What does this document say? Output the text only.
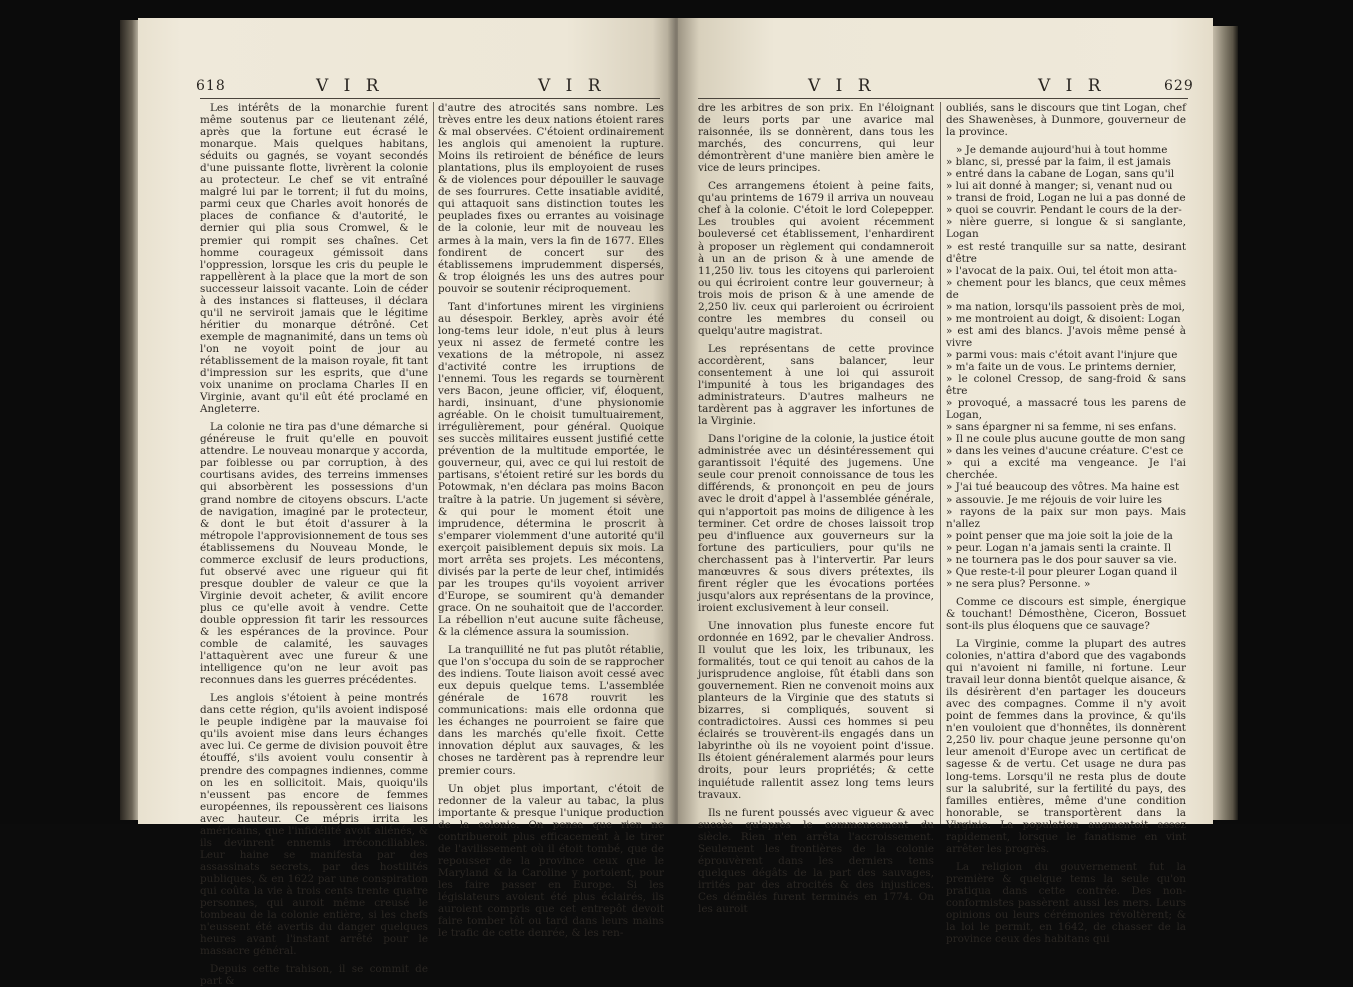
618	V I R	V I R

Les intérêts de la monarchie furent même soutenus par ce lieutenant zélé, après que la fortune eut écrasé le monarque. Mais quelques habitans, séduits ou gagnés, se voyant secondés d'une puissante flotte, livrèrent la colonie au protecteur. Le chef se vit entraîné malgré lui par le torrent; il fut du moins, parmi ceux que Charles avoit honorés de places de confiance & d'autorité, le dernier qui plia sous Cromwel, & le premier qui rompit ses chaînes. Cet homme courageux gémissoit dans l'oppression, lorsque les cris du peuple le rappellèrent à la place que la mort de son successeur laissoit vacante. Loin de céder à des instances si flatteuses, il déclara qu'il ne serviroit jamais que le légitime héritier du monarque détrôné. Cet exemple de magnanimité, dans un tems où l'on ne voyoit point de jour au rétablissement de la maison royale, fit tant d'impression sur les esprits, que d'une voix unanime on proclama Charles II en Virginie, avant qu'il eût été proclamé en Angleterre.

La colonie ne tira pas d'une démarche si généreuse le fruit qu'elle en pouvoit attendre. Le nouveau monarque y accorda, par foiblesse ou par corruption, à des courtisans avides, des terreins immenses qui absorbèrent les possessions d'un grand nombre de citoyens obscurs. L'acte de navigation, imaginé par le protecteur, & dont le but étoit d'assurer à la métropole l'approvisionnement de tous ses établissemens du Nouveau Monde, le commerce exclusif de leurs productions, fut observé avec une rigueur qui fit presque doubler de valeur ce que la Virginie devoit acheter, & avilit encore plus ce qu'elle avoit à vendre. Cette double oppression fit tarir les ressources & les espérances de la province. Pour comble de calamité, les sauvages l'attaquèrent avec une fureur & une intelligence qu'on ne leur avoit pas reconnues dans les guerres précédentes.

Les anglois s'étoient à peine montrés dans cette région, qu'ils avoient indisposé le peuple indigène par la mauvaise foi qu'ils avoient mise dans leurs échanges avec lui. Ce germe de division pouvoit être étouffé, s'ils avoient voulu consentir à prendre des compagnes indiennes, comme on les en sollicitoit. Mais, quoiqu'ils n'eussent pas encore de femmes européennes, ils repoussèrent ces liaisons avec hauteur. Ce mépris irrita les américains, que l'infidélité avoit aliénés, & ils devinrent ennemis irréconciliables. Leur haine se manifesta par des assassinats secrets, par des hostilités publiques, & en 1622 par une conspiration qui coûta la vie à trois cents trente quatre personnes, qui auroit même creusé le tombeau de la colonie entière, si les chefs n'eussent été avertis du danger quelques heures avant l'instant arrêté pour le massacre général.

Depuis cette trahison, il se commit de part &

d'autre des atrocités sans nombre. Les trèves entre les deux nations étoient rares & mal observées. C'étoient ordinairement les anglois qui amenoient la rupture. Moins ils retiroient de bénéfice de leurs plantations, plus ils employoient de ruses & de violences pour dépouiller le sauvage de ses fourrures. Cette insatiable avidité, qui attaquoit sans distinction toutes les peuplades fixes ou errantes au voisinage de la colonie, leur mit de nouveau les armes à la main, vers la fin de 1677. Elles fondirent de concert sur des établissemens imprudemment dispersés, & trop éloignés les uns des autres pour pouvoir se soutenir réciproquement.

Tant d'infortunes mirent les virginiens au désespoir. Berkley, après avoir été long-tems leur idole, n'eut plus à leurs yeux ni assez de fermeté contre les vexations de la métropole, ni assez d'activité contre les irruptions de l'ennemi. Tous les regards se tournèrent vers Bacon, jeune officier, vif, éloquent, hardi, insinuant, d'une physionomie agréable. On le choisit tumultuairement, irrégulièrement, pour général. Quoique ses succès militaires eussent justifié cette prévention de la multitude emportée, le gouverneur, qui, avec ce qui lui restoit de partisans, s'étoient retiré sur les bords du Potowmak, n'en déclara pas moins Bacon traître à la patrie. Un jugement si sévère, & qui pour le moment étoit une imprudence, détermina le proscrit à s'emparer violemment d'une autorité qu'il exerçoit paisiblement depuis six mois. La mort arrêta ses projets. Les mécontens, divisés par la perte de leur chef, intimidés par les troupes qu'ils voyoient arriver d'Europe, se soumirent qu'à demander grace. On ne souhaitoit que de l'accorder. La rébellion n'eut aucune suite fâcheuse, & la clémence assura la soumission.

La tranquillité ne fut pas plutôt rétablie, que l'on s'occupa du soin de se rapprocher des indiens. Toute liaison avoit cessé avec eux depuis quelque tems. L'assemblée générale de 1678 rouvrit les communications: mais elle ordonna que les échanges ne pourroient se faire que dans les marchés qu'elle fixoit. Cette innovation déplut aux sauvages, & les choses ne tardèrent pas à reprendre leur premier cours.

Un objet plus important, c'étoit de redonner de la valeur au tabac, la plus importante & presque l'unique production de la colonie. On pensa que rien ne contribueroit plus efficacement à le tirer de l'avilissement où il étoit tombé, que de repousser de la province ceux que le Maryland & la Caroline y portoient, pour les faire passer en Europe. Si les législateurs avoient été plus éclairés, ils auroient compris que cet entrepôt devoit faire tomber tôt ou tard dans leurs mains le trafic de cette denrée, & les ren-

V I R	V I R	629

dre les arbitres de son prix. En l'éloignant de leurs ports par une avarice mal raisonnée, ils se donnèrent, dans tous les marchés, des concurrens, qui leur démontrèrent d'une manière bien amère le vice de leurs principes.

Ces arrangemens étoient à peine faits, qu'au printems de 1679 il arriva un nouveau chef à la colonie. C'étoit le lord Colepepper. Les troubles qui avoient récemment bouleversé cet établissement, l'enhardirent à proposer un règlement qui condamneroit à un an de prison & à une amende de 11,250 liv. tous les citoyens qui parleroient ou qui écriroient contre leur gouverneur; à trois mois de prison & à une amende de 2,250 liv. ceux qui parleroient ou écriroient contre les membres du conseil ou quelqu'autre magistrat.

Les représentans de cette province accordèrent, sans balancer, leur consentement à une loi qui assuroit l'impunité à tous les brigandages des administrateurs. D'autres malheurs ne tardèrent pas à aggraver les infortunes de la Virginie.

Dans l'origine de la colonie, la justice étoit administrée avec un désintéressement qui garantissoit l'équité des jugemens. Une seule cour prenoit connoissance de tous les différends, & prononçoit en peu de jours avec le droit d'appel à l'assemblée générale, qui n'apportoit pas moins de diligence à les terminer. Cet ordre de choses laissoit trop peu d'influence aux gouverneurs sur la fortune des particuliers, pour qu'ils ne cherchassent pas à l'intervertir. Par leurs manœuvres & sous divers prétextes, ils firent régler que les évocations portées jusqu'alors aux représentans de la province, iroient exclusivement à leur conseil.

Une innovation plus funeste encore fut ordonnée en 1692, par le chevalier Andross. Il voulut que les loix, les tribunaux, les formalités, tout ce qui tenoit au cahos de la jurisprudence angloise, fût établi dans son gouvernement. Rien ne convenoit moins aux planteurs de la Virginie que des statuts si bizarres, si compliqués, souvent si contradictoires. Aussi ces hommes si peu éclairés se trouvèrent-ils engagés dans un labyrinthe où ils ne voyoient point d'issue. Ils étoient généralement alarmés pour leurs droits, pour leurs propriétés; & cette inquiétude rallentit assez long tems leurs travaux.

Ils ne furent poussés avec vigueur & avec succès qu'après le commencement du siècle. Rien n'en arrêta l'accroissement. Seulement les frontières de la colonie éprouvèrent dans les derniers tems quelques dégâts de la part des sauvages, irrités par des atrocités & des injustices. Ces démêlés furent terminés en 1774. On les auroit

oubliés, sans le discours que tint Logan, chef des Shawenèses, à Dunmore, gouverneur de la province.

» Je demande aujourd'hui à tout homme
» blanc, si, pressé par la faim, il est jamais
» entré dans la cabane de Logan, sans qu'il
» lui ait donné à manger; si, venant nud ou
» transi de froid, Logan ne lui a pas donné de
» quoi se couvrir. Pendant le cours de la der-
» nière guerre, si longue & si sanglante, Logan
» est resté tranquille sur sa natte, desirant d'être
» l'avocat de la paix. Oui, tel étoit mon atta-
» chement pour les blancs, que ceux mêmes de
» ma nation, lorsqu'ils passoient près de moi,
» me montroient au doigt, & disoient: Logan
» est ami des blancs. J'avois même pensé à vivre
» parmi vous: mais c'étoit avant l'injure que
» m'a faite un de vous. Le printems dernier,
» le colonel Cressop, de sang-froid & sans être
» provoqué, a massacré tous les parens de Logan,
» sans épargner ni sa femme, ni ses enfans.
» Il ne coule plus aucune goutte de mon sang
» dans les veines d'aucune créature. C'est ce
» qui a excité ma vengeance. Je l'ai cherchée.
» J'ai tué beaucoup des vôtres. Ma haine est
» assouvie. Je me réjouis de voir luire les
» rayons de la paix sur mon pays. Mais n'allez
» point penser que ma joie soit la joie de la
» peur. Logan n'a jamais senti la crainte. Il
» ne tournera pas le dos pour sauver sa vie.
» Que reste-t-il pour pleurer Logan quand il
» ne sera plus? Personne. »

Comme ce discours est simple, énergique & touchant! Démosthène, Ciceron, Bossuet sont-ils plus éloquens que ce sauvage?

La Virginie, comme la plupart des autres colonies, n'attira d'abord que des vagabonds qui n'avoient ni famille, ni fortune. Leur travail leur donna bientôt quelque aisance, & ils désirèrent d'en partager les douceurs avec des compagnes. Comme il n'y avoit point de femmes dans la province, & qu'ils n'en vouloient que d'honnêtes, ils donnèrent 2,250 liv. pour chaque jeune personne qu'on leur amenoit d'Europe avec un certificat de sagesse & de vertu. Cet usage ne dura pas long-tems. Lorsqu'il ne resta plus de doute sur la salubrité, sur la fertilité du pays, des familles entières, même d'une condition honorable, se transportèrent dans la Virginie. La population augmentoit assez rapidement, lorsque le fanatisme en vint arrêter les progrès.

La religion du gouvernement fut la première & quelque tems la seule qu'on pratiqua dans cette contrée. Des non-conformistes passèrent aussi les mers. Leurs opinions ou leurs cérémonies révoltèrent; & la loi le permit, en 1642, de chasser de la province ceux des habitans qui
